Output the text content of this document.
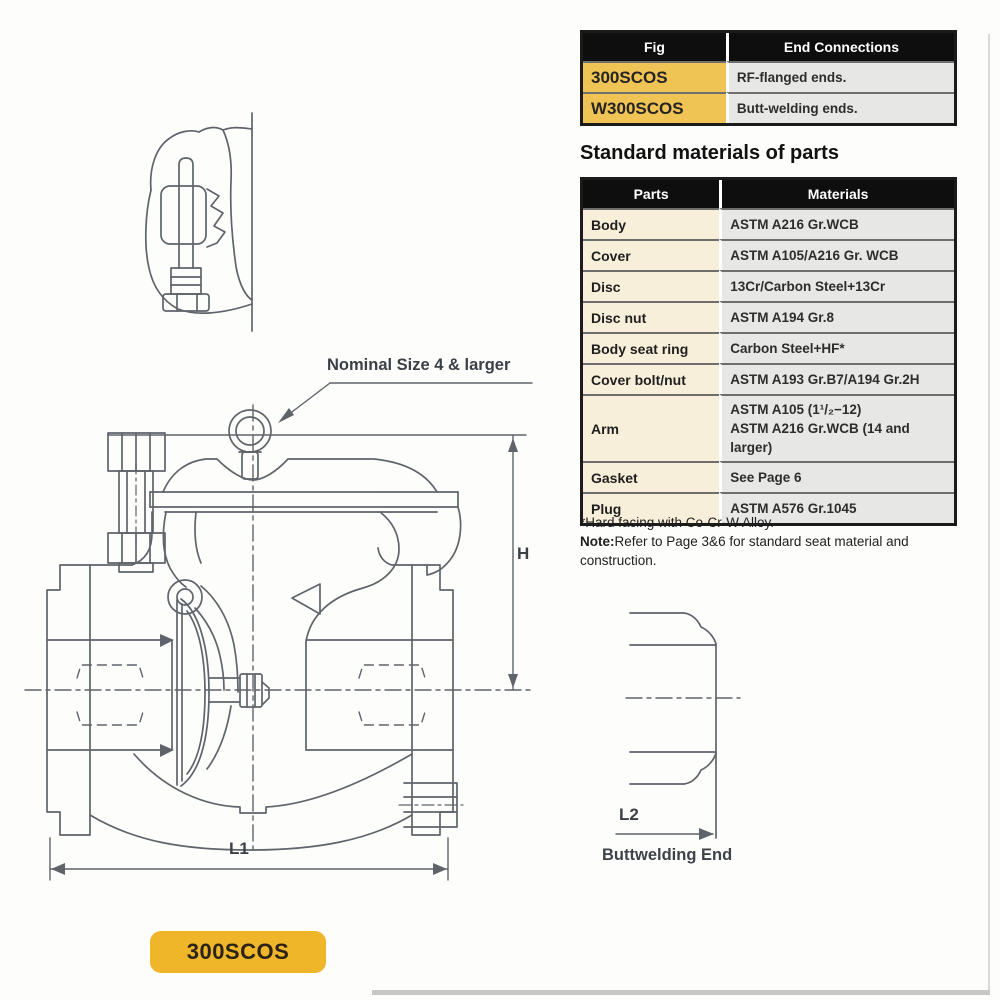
Fig	End Connections
300SCOS	RF-flanged ends.
W300SCOS	Butt-welding ends.
Standard materials of parts
Parts	Materials
Body	ASTM A216 Gr.WCB
Cover	ASTM A105/A216 Gr. WCB
Disc	13Cr/Carbon Steel+13Cr
Disc nut	ASTM A194 Gr.8
Body seat ring	Carbon Steel+HF*
Cover bolt/nut	ASTM A193 Gr.B7/A194 Gr.2H
Arm	ASTM A105 (1¹/₂−12)
ASTM A216 Gr.WCB (14 and larger)

Gasket	See Page 6
Plug	ASTM A576 Gr.1045
*Hard facing with Co-Cr-W Alloy.
Note:Refer to Page 3&6 for standard seat material and construction.
Nominal Size 4 & larger
H
L1
L2
Buttwelding End
300SCOS
